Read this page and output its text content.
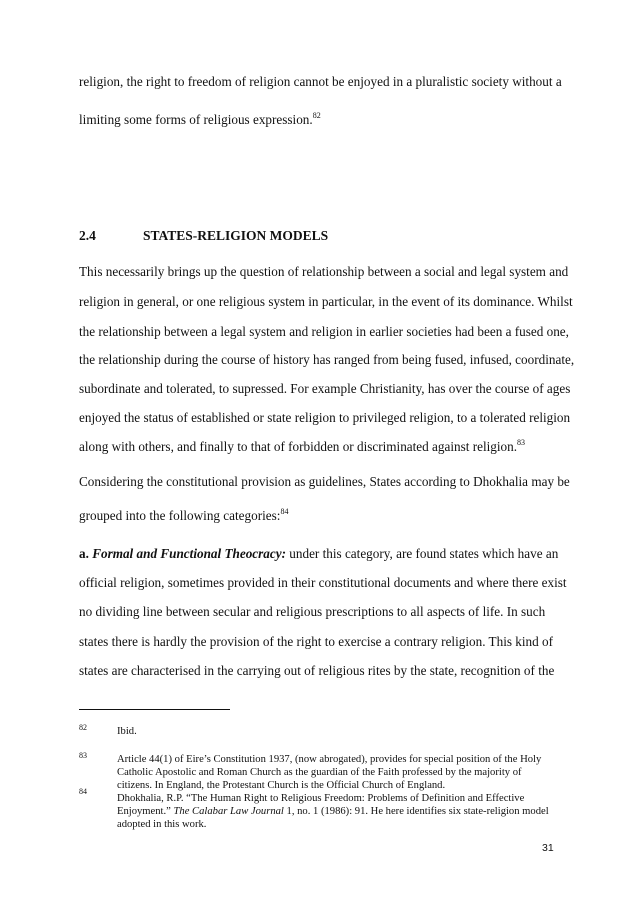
religion, the right to freedom of religion cannot be enjoyed in a pluralistic society without a
limiting some forms of religious expression.$^{82}$
2.4	STATES-RELIGION MODELS
This necessarily brings up the question of relationship between a social and legal system and
religion in general, or one religious system in particular, in the event of its dominance. Whilst
the relationship between a legal system and religion in earlier societies had been a fused one,
the relationship during the course of history has ranged from being fused, infused, coordinate,
subordinate and tolerated, to supressed. For example Christianity, has over the course of ages
enjoyed the status of established or state religion to privileged religion, to a tolerated religion
along with others, and finally to that of forbidden or discriminated against religion.$^{83}$
Considering the constitutional provision as guidelines, States according to Dhokhalia may be
grouped into the following categories:$^{84}$
a. Formal and Functional Theocracy: under this category, are found states which have an
official religion, sometimes provided in their constitutional documents and where there exist
no dividing line between secular and religious prescriptions to all aspects of life. In such
states there is hardly the provision of the right to exercise a contrary religion. This kind of
states are characterised in the carrying out of religious rites by the state, recognition of the
82	Ibid.
83	Article 44(1) of Eire’s Constitution 1937, (now abrogated), provides for special position of the Holy
Catholic Apostolic and Roman Church as the guardian of the Faith professed by the majority of
citizens. In England, the Protestant Church is the Official Church of England.
84
Dhokhalia, R.P. “The Human Right to Religious Freedom: Problems of Definition and Effective
Enjoyment.” The Calabar Law Journal 1, no. 1 (1986): 91. He here identifies six state-religion model
adopted in this work.
31
